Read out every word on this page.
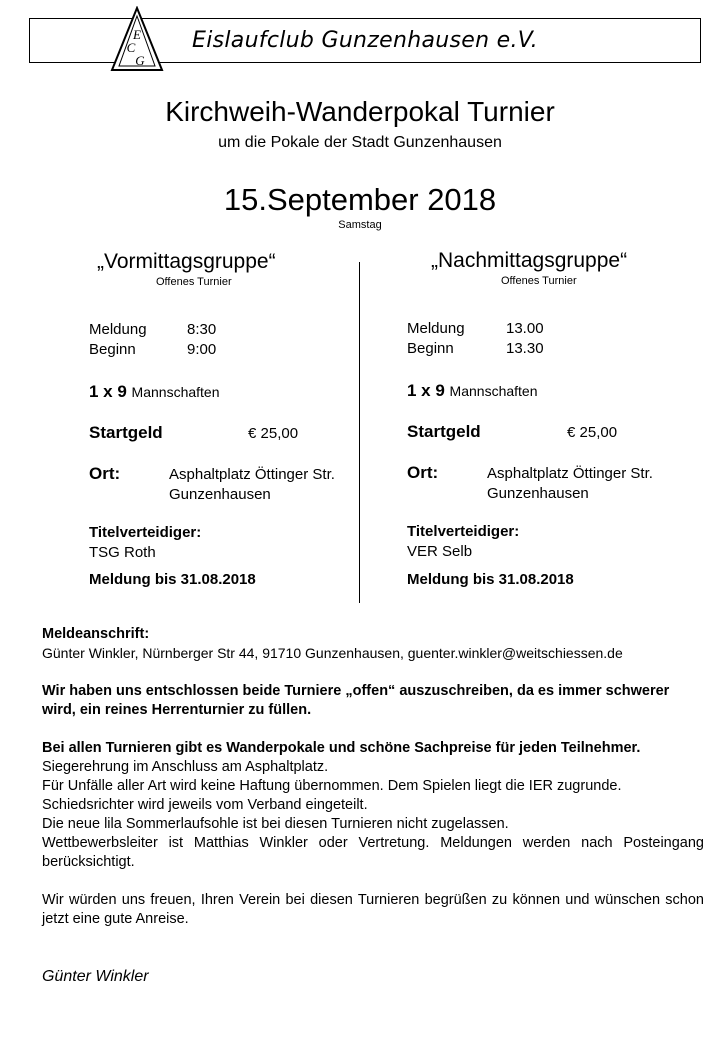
E
C
G
Eislaufclub Gunzenhausen e.V.
Kirchweih-Wanderpokal Turnier
um die Pokale der Stadt Gunzenhausen
15.September 2018
Samstag
„Vormittagsgruppe“
Offenes Turnier
Meldung	8:30
Beginn	9:00
1 x 9 Mannschaften
Startgeld	€ 25,00
Ort:	Asphaltplatz Öttinger Str.
Gunzenhausen
Titelverteidiger:
TSG Roth
Meldung bis 31.08.2018
„Nachmittagsgruppe“
Offenes Turnier
Meldung	13.00
Beginn	13.30
1 x 9 Mannschaften
Startgeld	€ 25,00
Ort:	Asphaltplatz Öttinger Str.
Gunzenhausen
Titelverteidiger:
VER Selb
Meldung bis 31.08.2018
Meldeanschrift:
Günter Winkler, Nürnberger Str 44, 91710 Gunzenhausen, guenter.winkler@weitschiessen.de
Wir haben uns entschlossen beide Turniere „offen“ auszuschreiben, da es immer schwerer wird, ein reines Herrenturnier zu füllen.
Bei allen Turnieren gibt es Wanderpokale und schöne Sachpreise für jeden Teilnehmer.
Siegerehrung im Anschluss am Asphaltplatz.
Für Unfälle aller Art wird keine Haftung übernommen. Dem Spielen liegt die IER zugrunde.
Schiedsrichter wird jeweils vom Verband eingeteilt.
Die neue lila Sommerlaufsohle ist bei diesen Turnieren nicht zugelassen.
Wettbewerbsleiter ist Matthias Winkler oder Vertretung. Meldungen werden nach Posteingang berücksichtigt.
Wir würden uns freuen, Ihren Verein bei diesen Turnieren begrüßen zu können und wünschen schon jetzt eine gute Anreise.
Günter Winkler
